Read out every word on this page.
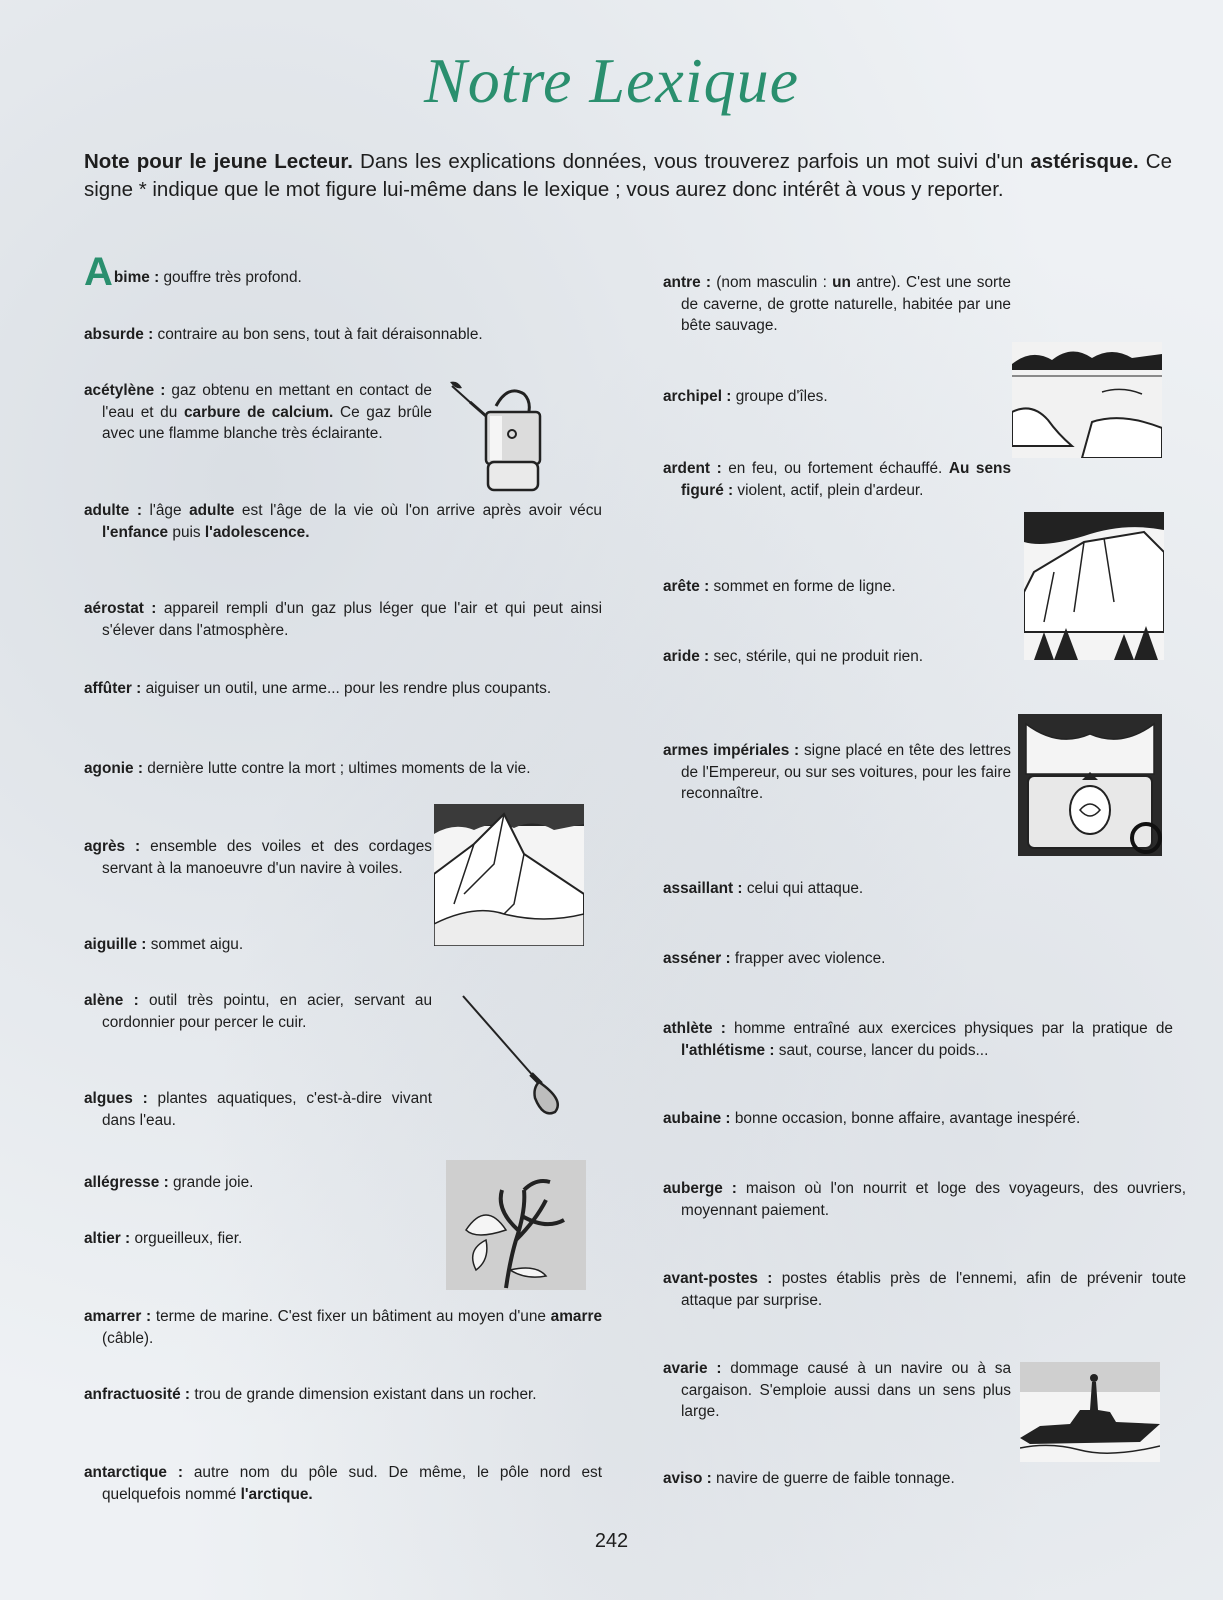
Notre Lexique
Note pour le jeune Lecteur. Dans les explications données, vous trouverez parfois un mot suivi d'un astérisque. Ce signe * indique que le mot figure lui-même dans le lexique ; vous aurez donc intérêt à vous y reporter.
Abime : gouffre très profond.
absurde : contraire au bon sens, tout à fait déraisonnable.
acétylène : gaz obtenu en mettant en contact de l'eau et du carbure de calcium. Ce gaz brûle avec une flamme blanche très éclairante.
adulte : l'âge adulte est l'âge de la vie où l'on arrive après avoir vécu l'enfance puis l'adolescence.
aérostat : appareil rempli d'un gaz plus léger que l'air et qui peut ainsi s'élever dans l'atmosphère.
affûter : aiguiser un outil, une arme... pour les rendre plus coupants.
agonie : dernière lutte contre la mort ; ultimes moments de la vie.
agrès : ensemble des voiles et des cordages servant à la manoeuvre d'un navire à voiles.
aiguille : sommet aigu.
alène : outil très pointu, en acier, servant au cordonnier pour percer le cuir.
algues : plantes aquatiques, c'est-à-dire vivant dans l'eau.
allégresse : grande joie.
altier : orgueilleux, fier.
amarrer : terme de marine. C'est fixer un bâtiment au moyen d'une amarre (câble).
anfractuosité : trou de grande dimension existant dans un rocher.
antarctique : autre nom du pôle sud. De même, le pôle nord est quelquefois nommé l'arctique.
antre : (nom masculin : un antre). C'est une sorte de caverne, de grotte naturelle, habitée par une bête sauvage.
archipel : groupe d'îles.
ardent : en feu, ou fortement échauffé. Au sens figuré : violent, actif, plein d'ardeur.
arête : sommet en forme de ligne.
aride : sec, stérile, qui ne produit rien.
armes impériales : signe placé en tête des lettres de l'Empereur, ou sur ses voitures, pour les faire reconnaître.
assaillant : celui qui attaque.
asséner : frapper avec violence.
athlète : homme entraîné aux exercices physiques par la pratique de l'athlétisme : saut, course, lancer du poids...
aubaine : bonne occasion, bonne affaire, avantage inespéré.
auberge : maison où l'on nourrit et loge des voyageurs, des ouvriers, moyennant paiement.
avant-postes : postes établis près de l'ennemi, afin de prévenir toute attaque par surprise.
avarie : dommage causé à un navire ou à sa cargaison. S'emploie aussi dans un sens plus large.
aviso : navire de guerre de faible tonnage.
242
